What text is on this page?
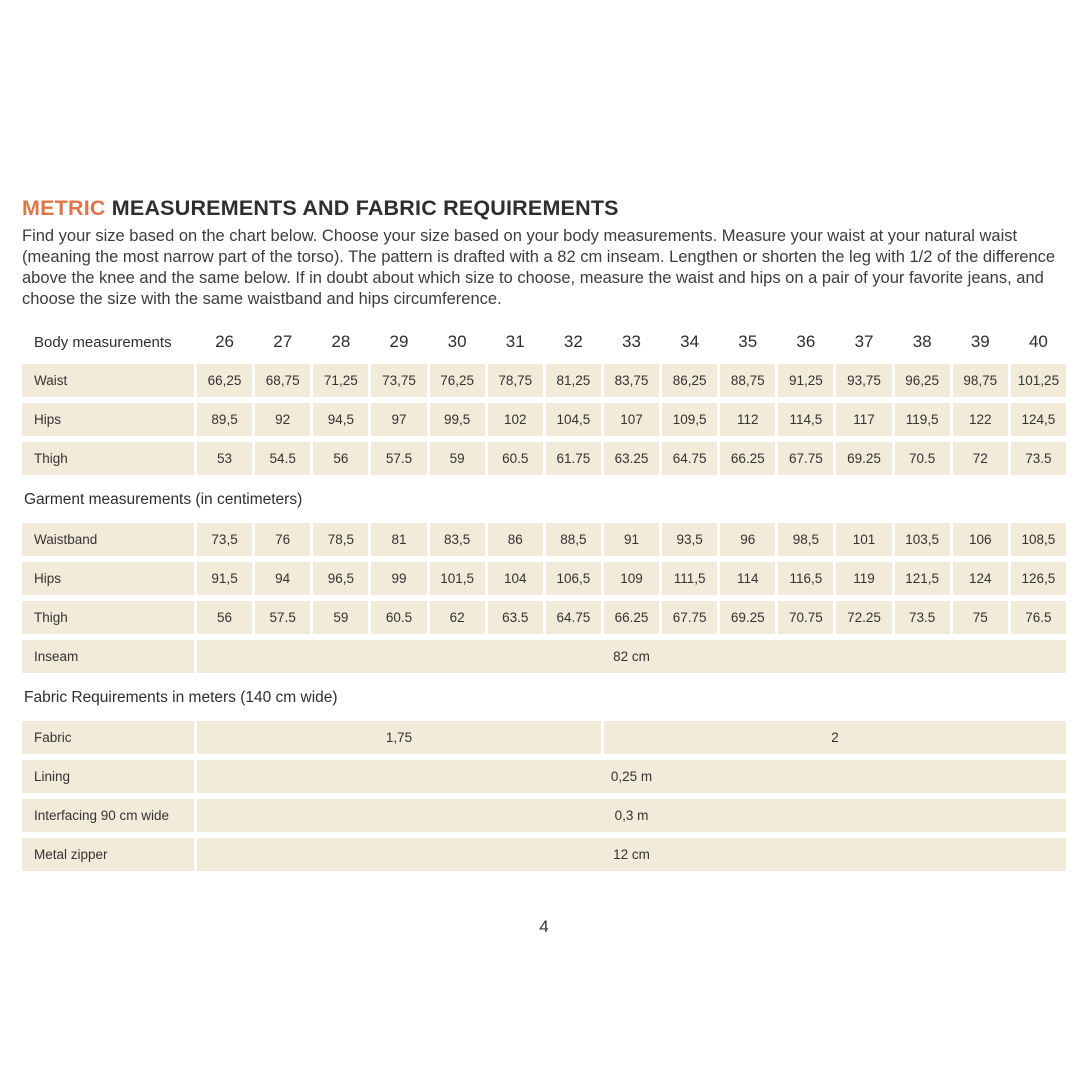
METRIC MEASUREMENTS AND FABRIC REQUIREMENTS

Find your size based on the chart below. Choose your size based on your body measurements. Measure your waist at your natural waist (meaning the most narrow part of the torso). The pattern is drafted with a 82 cm inseam. Lengthen or shorten the leg with 1/2 of the difference above the knee and the same below. If in doubt about which size to choose, measure the waist and hips on a pair of your favorite jeans, and choose the size with the same waistband and hips circumference.

Body measurements	26	27	28	29	30	31	32	33	34	35	36	37	38	39	40
Waist	66,25	68,75	71,25	73,75	76,25	78,75	81,25	83,75	86,25	88,75	91,25	93,75	96,25	98,75	101,25
Hips	89,5	92	94,5	97	99,5	102	104,5	107	109,5	112	114,5	117	119,5	122	124,5
Thigh	53	54.5	56	57.5	59	60.5	61.75	63.25	64.75	66.25	67.75	69.25	70.5	72	73.5
Garment measurements (in centimeters)
Waistband	73,5	76	78,5	81	83,5	86	88,5	91	93,5	96	98,5	101	103,5	106	108,5
Hips	91,5	94	96,5	99	101,5	104	106,5	109	111,5	114	116,5	119	121,5	124	126,5
Thigh	56	57.5	59	60.5	62	63.5	64.75	66.25	67.75	69.25	70.75	72.25	73.5	75	76.5
Inseam	82 cm
Fabric Requirements in meters (140 cm wide)
Fabric	1,75	2
Lining	0,25 m
Interfacing 90 cm wide	0,3 m
Metal zipper	12 cm
4
